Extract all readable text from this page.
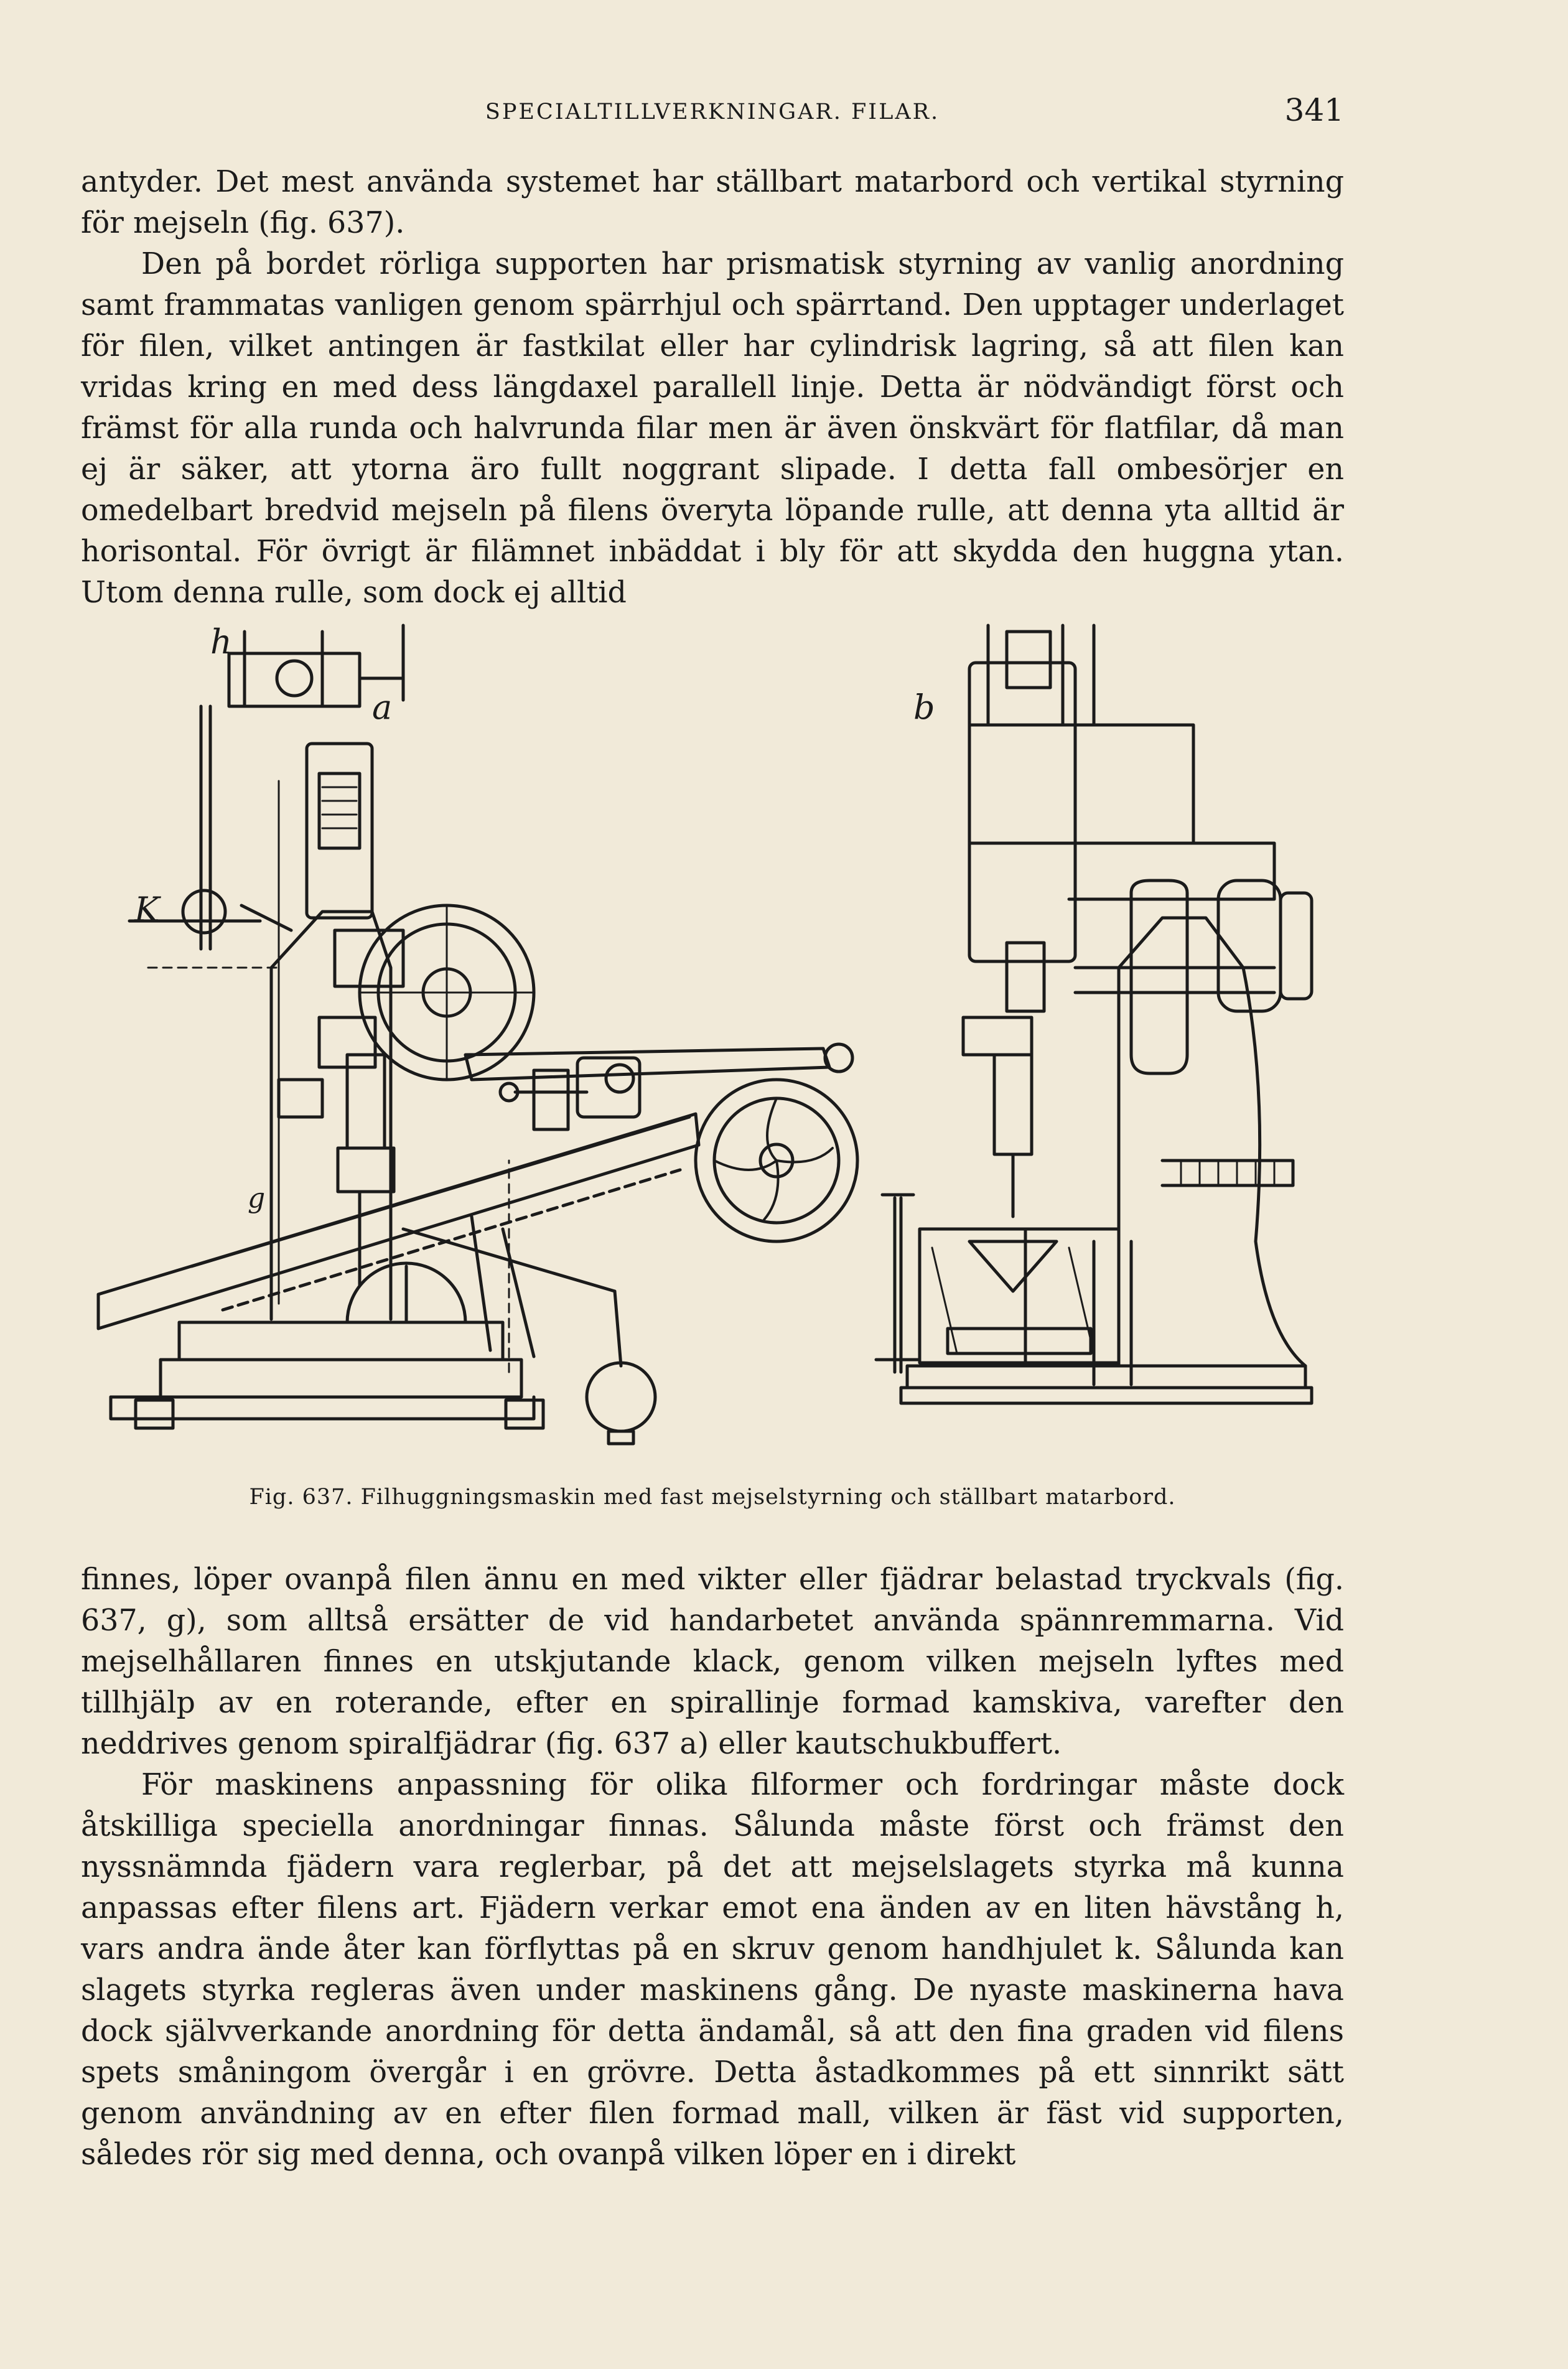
SPECIALTILLVERKNINGAR. FILAR.	341

antyder. Det mest använda systemet har ställbart matarbord och vertikal styrning för mejseln (fig. 637).

Den på bordet rörliga supporten har prismatisk styrning av vanlig anordning samt frammatas vanligen genom spärrhjul och spärrtand. Den upptager underlaget för filen, vilket antingen är fastkilat eller har cylindrisk lagring, så att filen kan vridas kring en med dess längdaxel parallell linje. Detta är nödvändigt först och främst för alla runda och halvrunda filar men är även önskvärt för flatfilar, då man ej är säker, att ytorna äro fullt noggrant slipade. I detta fall ombesörjer en omedelbart bredvid mejseln på filens överyta löpande rulle, att denna yta alltid är horisontal. För övrigt är filämnet inbäddat i bly för att skydda den huggna ytan. Utom denna rulle, som dock ej alltid

h
a	b
K
g
Fig. 637. Filhuggningsmaskin med fast mejselstyrning och ställbart matarbord.

finnes, löper ovanpå filen ännu en med vikter eller fjädrar belastad tryckvals (fig. 637, g), som alltså ersätter de vid handarbetet använda spännremmarna. Vid mejselhållaren finnes en utskjutande klack, genom vilken mejseln lyftes med tillhjälp av en roterande, efter en spirallinje formad kamskiva, varefter den neddrives genom spiralfjädrar (fig. 637 a) eller kautschukbuffert.

För maskinens anpassning för olika filformer och fordringar måste dock åtskilliga speciella anordningar finnas. Sålunda måste först och främst den nyssnämnda fjädern vara reglerbar, på det att mejselslagets styrka må kunna anpassas efter filens art. Fjädern verkar emot ena änden av en liten hävstång h, vars andra ände åter kan förflyttas på en skruv genom handhjulet k. Sålunda kan slagets styrka regleras även under maskinens gång. De nyaste maskinerna hava dock självverkande anordning för detta ändamål, så att den fina graden vid filens spets småningom övergår i en grövre. Detta åstadkommes på ett sinnrikt sätt genom användning av en efter filen formad mall, vilken är fäst vid supporten, således rör sig med denna, och ovanpå vilken löper en i direkt
